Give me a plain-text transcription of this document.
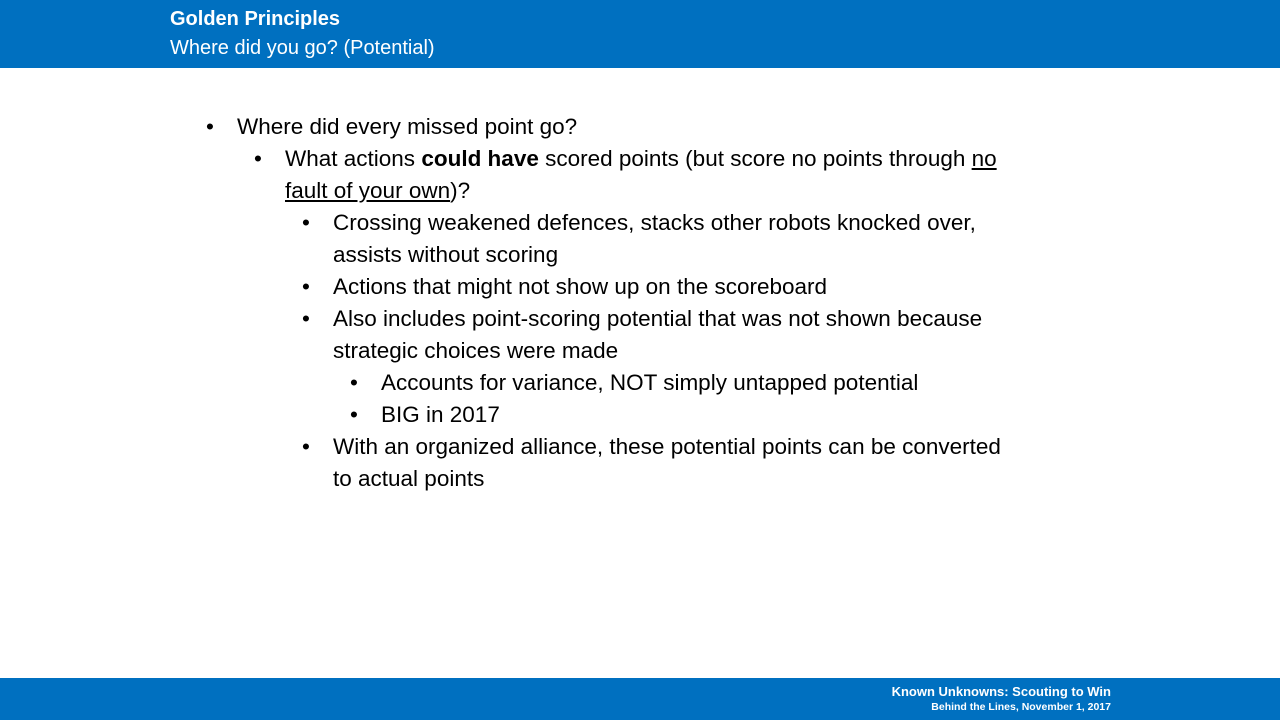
Golden Principles
Where did you go? (Potential)
• Where did every missed point go?
• What actions could have scored points (but score no points through no fault of your own)?
• Crossing weakened defences, stacks other robots knocked over, assists without scoring
• Actions that might not show up on the scoreboard
• Also includes point-scoring potential that was not shown because strategic choices were made
• Accounts for variance, NOT simply untapped potential
• BIG in 2017
• With an organized alliance, these potential points can be converted to actual points
Known Unknowns: Scouting to Win
Behind the Lines, November 1, 2017
